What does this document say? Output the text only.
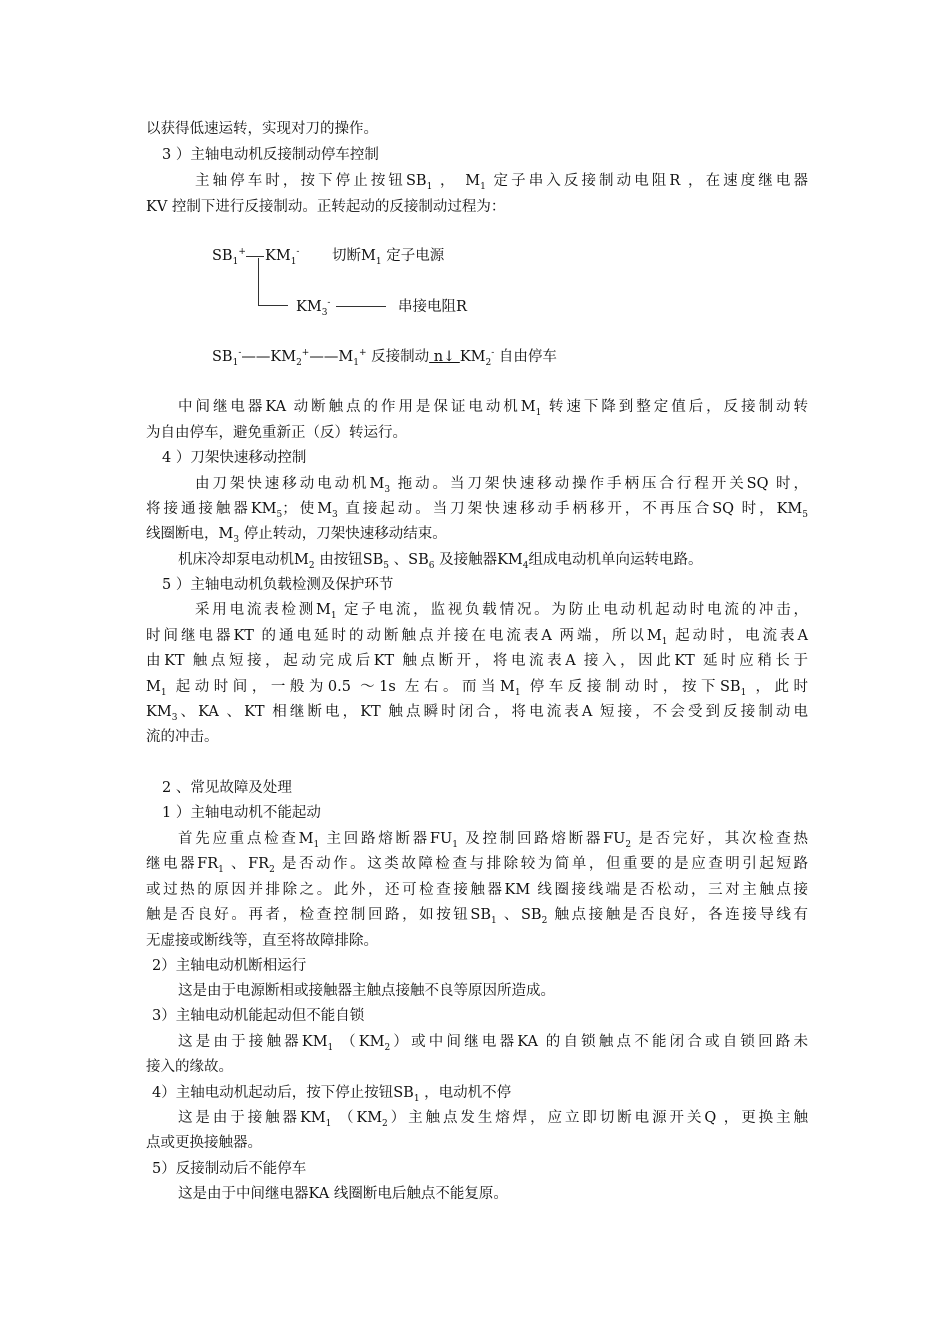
以获得低速运转，实现对刀的操作。
3 ）主轴电动机反接制动停车控制
主轴停车时，按下停止按钮$SB_1$ ， $M_1$ 定子串入反接制动电阻R ，在速度继电器
KV 控制下进行反接制动。正转起动的反接制动过程为：
$SB_1^+$ $KM_1^-$ 切断$M_1$ 定子电源
$KM_3^-$	串接电阻R
$SB_1^-——KM_2^+——M_1^+$ 反接制动 n↓ $KM_2^-$ 自由停车
中间继电器KA 动断触点的作用是保证电动机$M_1$ 转速下降到整定值后，反接制动转
为自由停车，避免重新正（反）转运行。
4 ）刀架快速移动控制
由刀架快速移动电动机$M_3$ 拖动。当刀架快速移动操作手柄压合行程开关SQ 时，
将接通接触器$KM_5$；使$M_3$ 直接起动。当刀架快速移动手柄移开，不再压合SQ 时，$KM_5$
线圈断电，$M_3$ 停止转动，刀架快速移动结束。
机床冷却泵电动机$M_2$ 由按钮$SB_5$ 、$SB_6$ 及接触器$KM_4$组成电动机单向运转电路。
5 ）主轴电动机负载检测及保护环节
采用电流表检测$M_1$ 定子电流，监视负载情况。为防止电动机起动时电流的冲击，
时间继电器KT 的通电延时的动断触点并接在电流表A 两端，所以$M_1$ 起动时，电流表A
由KT 触点短接，起动完成后KT 触点断开，将电流表A 接入，因此KT 延时应稍长于
$M_1$ 起动时间，一般为0.5 ～1s 左右。而当$M_1$ 停车反接制动时，按下$SB_1$ ，此时
$KM_3$、KA 、KT 相继断电，KT 触点瞬时闭合，将电流表A 短接，不会受到反接制动电
流的冲击。
2 、常见故障及处理
1 ）主轴电动机不能起动
首先应重点检查$M_1$ 主回路熔断器$FU_1$ 及控制回路熔断器$FU_2$ 是否完好，其次检查热
继电器$FR_1$ 、$FR_2$ 是否动作。这类故障检查与排除较为简单，但重要的是应查明引起短路
或过热的原因并排除之。此外，还可检查接触器KM 线圈接线端是否松动，三对主触点接
触是否良好。再者，检查控制回路，如按钮$SB_1$ 、$SB_2$ 触点接触是否良好，各连接导线有
无虚接或断线等，直至将故障排除。
2）主轴电动机断相运行
这是由于电源断相或接触器主触点接触不良等原因所造成。
3）主轴电动机能起动但不能自锁
这是由于接触器$KM_1$ $(KM_2)$或中间继电器KA 的自锁触点不能闭合或自锁回路未
接入的缘故。
4）主轴电动机起动后，按下停止按钮$SB_1$ ，电动机不停
这是由于接触器$KM_1$ $(KM_2)$主触点发生熔焊，应立即切断电源开关Q ，更换主触
点或更换接触器。
5）反接制动后不能停车
这是由于中间继电器KA 线圈断电后触点不能复原。
